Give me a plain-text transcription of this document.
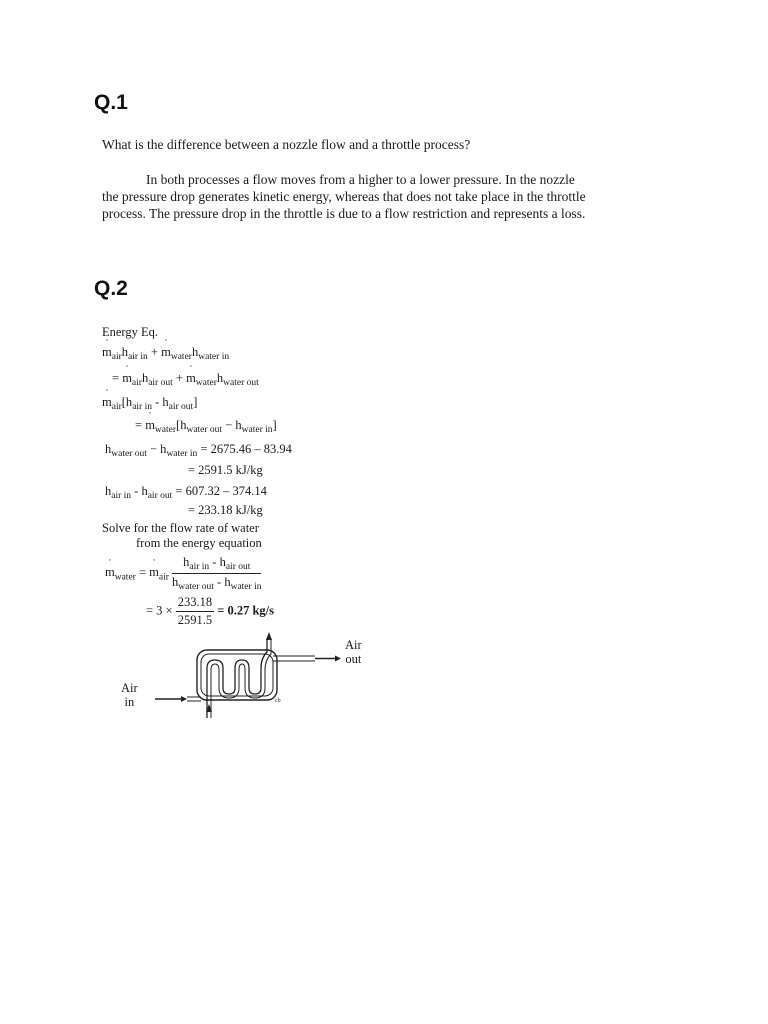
Q.1
What is the difference between a nozzle flow and a throttle process?

In both processes a flow moves from a higher to a lower pressure. In the nozzle the pressure drop generates kinetic energy, whereas that does not take place in the throttle process. The pressure drop in the throttle is due to a flow restriction and represents a loss.

Q.2
Energy Eq.
m $˙_{air}h_{air in} + m$ $˙_{water}h_{water in}$
= m $˙_{air}h_{air out} + m$ $˙_{water}h_{water out}$
m $˙_{air}[h_{air in} - h_{air out}]$
= m $˙_{water}[h_{water out} - h_{water in}]$
$h_{water out} - h_{water in} = 2675.46 - 83.94$
= 2591.5 kJ/kg
$h_{air in} - h_{air out} = 607.32 - 374.14$
= 233.18 kJ/kg
Solve for the flow rate of water
from the energy equation
m $˙_{water} = m$ $˙_{air} \frac{h_{air in} - h_{air out}}{h_{water out} - h_{water in}}$
= $3 \times \frac{233.18}{2591.5} = 0.27$ kg/s
Air
out
Air
in	cb
